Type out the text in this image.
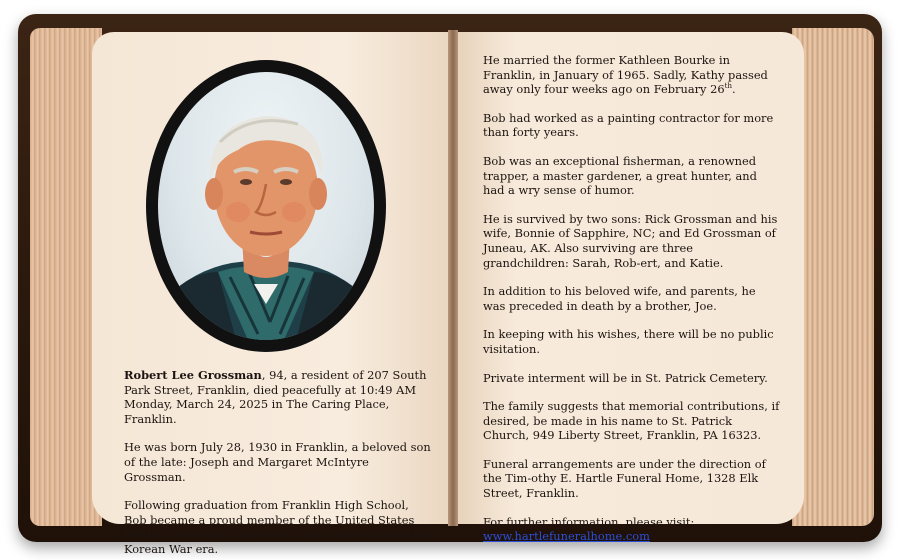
Robert Lee Grossman, 94, a resident of 207 South Park Street, Franklin, died peacefully at 10:49 AM Monday, March 24, 2025 in The Caring Place, Franklin.

He was born July 28, 1930 in Franklin, a beloved son of the late: Joseph and Margaret McIntyre Grossman.

Following graduation from Franklin High School, Bob became a proud member of the United States Marine Corps, and had served his country during the Korean War era.

He married the former Kathleen Bourke in Franklin, in January of 1965. Sadly, Kathy passed away only four weeks ago on February 26th.

Bob had worked as a painting contractor for more than forty years.

Bob was an exceptional fisherman, a renowned trapper, a master gardener, a great hunter, and had a wry sense of humor.

He is survived by two sons: Rick Grossman and his wife, Bonnie of Sapphire, NC; and Ed Grossman of Juneau, AK. Also surviving are three grandchildren: Sarah, Rob-ert, and Katie.

In addition to his beloved wife, and parents, he was preceded in death by a brother, Joe.

In keeping with his wishes, there will be no public visitation.

Private interment will be in St. Patrick Cemetery.

The family suggests that memorial contributions, if desired, be made in his name to St. Patrick Church, 949 Liberty Street, Franklin, PA 16323.

Funeral arrangements are under the direction of the Tim-othy E. Hartle Funeral Home, 1328 Elk Street, Franklin.

For further information, please visit:
www.hartlefuneralhome.com.
